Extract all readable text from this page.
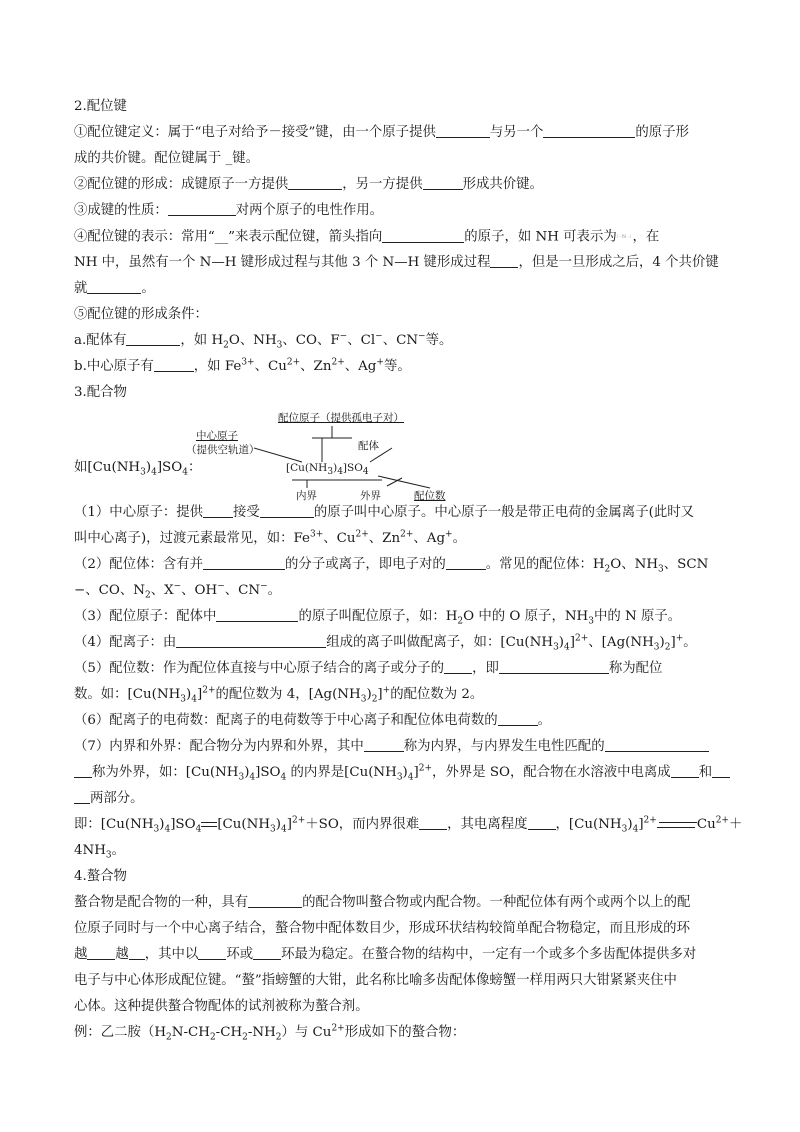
2.配位键
①配位键定义：属于“电子对给予－接受”键，由一个原子提供	与另一个	的原子形
成的共价键。配位键属于 _键。
②配位键的形成：成键原子一方提供	，另一方提供	形成共价键。
③成键的性质：	对两个原子的电性作用。
④配位键的表示：常用“__”来表示配位键，箭头指向	的原子，如 NH 可表示为⁝·N·⁝，在
NH 中，虽然有一个 N—H 键形成过程与其他 3 个 N—H 键形成过程 ，但是一旦形成之后，4 个共价键
就	。
⑤配位键的形成条件：
a.配体有	，如 $H_2O$、$NH_3$、CO、F−、Cl−、CN−等。
b.中心原子有	，如 $Fe^{3+}$、$Cu^{2+}$、$Zn^{2+}$、Ag+等。
3.配合物
如$[Cu(NH_3)_4]SO_4$：
配位原子（提供孤电子对）
中心原子
（提供空轨道）	配体
$[Cu(NH_3)_4]SO_4$
内界	外界	配位数
（1）中心原子：提供 接受	的原子叫中心原子。中心原子一般是带正电荷的金属离子(此时又
叫中心离子)，过渡元素最常见，如：$Fe^{3+}$、$Cu^{2+}$、$Zn^{2+}$、Ag+。
（2）配位体：含有并	的分子或离子，即电子对的	。常见的配位体：$H_2O$、$NH_3$、SCN
−、CO、$N_2$、X−、OH−、CN−。
（3）配位原子：配体中	的原子叫配位原子，如：$H_2O$ 中的 O 原子，$NH_3$中的 N 原子。
（4）配离子：由	组成的离子叫做配离子，如：$[Cu(NH_3)_4]^{2+}$、$[Ag(NH_3)_2]^+$。
（5）配位数：作为配位体直接与中心原子结合的离子或分子的 ，即	称为配位
数。如：$[Cu(NH_3)_4]^{2+}$的配位数为 4，$[Ag(NH_3)_2]^+$的配位数为 2。
（6）配离子的电荷数：配离子的电荷数等于中心离子和配位体电荷数的	。
（7）内界和外界：配合物分为内界和外界，其中	称为内界，与内界发生电性匹配的
称为外界，如：$[Cu(NH_3)_4]SO_4$ 的内界是$[Cu(NH_3)_4]^{2+}$，外界是 SO，配合物在水溶液中电离成 和
两部分。
即：$[Cu(NH_3)_4]SO_4$ $[Cu(NH_3)_4]^{2+}+SO$，而内界很难 ，其电离程度 ，$[Cu(NH_3)_4]^{2+}$	$Cu^{2+}+$
$4NH_3$。
4.螯合物
螯合物是配合物的一种，具有	的配合物叫螯合物或内配合物。一种配位体有两个或两个以上的配
位原子同时与一个中心离子结合，螯合物中配体数目少，形成环状结构较简单配合物稳定，而且形成的环
越 越 ，其中以 环或 环最为稳定。在螯合物的结构中，一定有一个或多个多齿配体提供多对
电子与中心体形成配位键。“螯”指螃蟹的大钳，此名称比喻多齿配体像螃蟹一样用两只大钳紧紧夹住中
心体。这种提供螯合物配体的试剂被称为螯合剂。
例：乙二胺$(H_2N-CH_2-CH_2-NH_2)$与 $Cu^{2+}$形成如下的螯合物：
